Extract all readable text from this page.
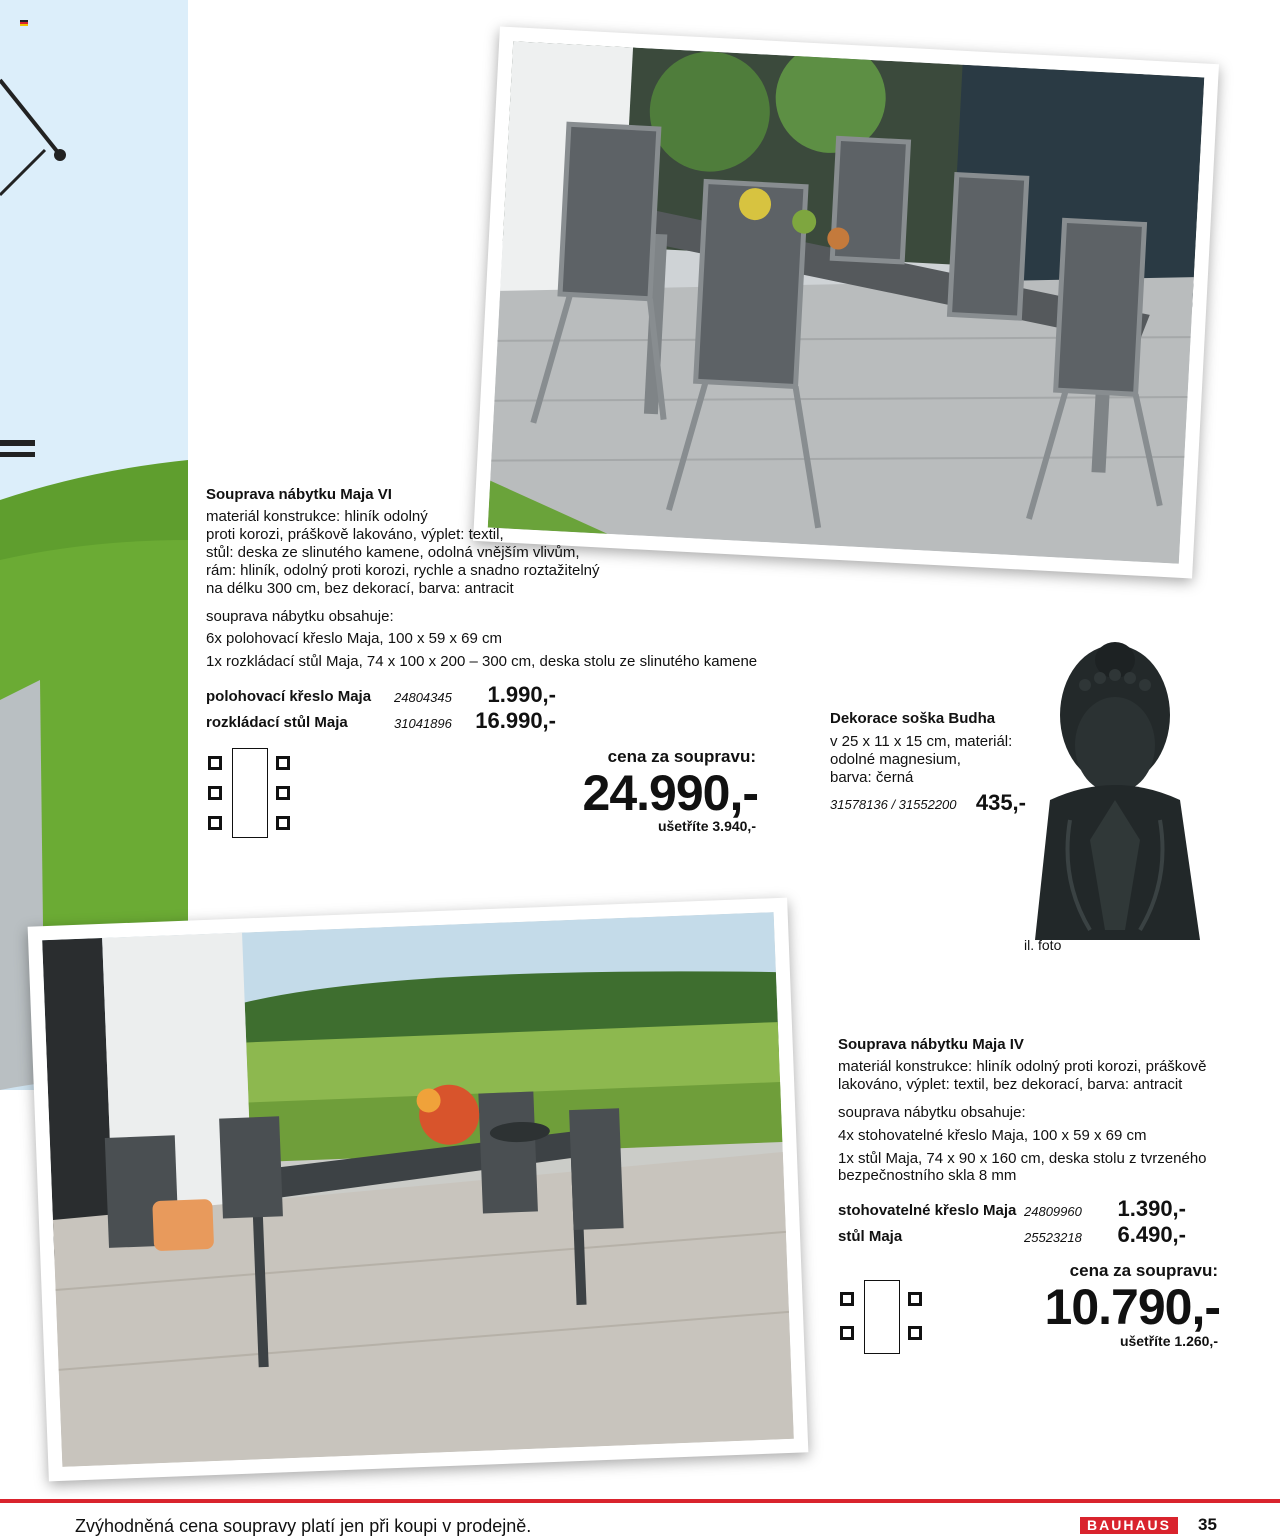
Souprava nábytku Maja VI
materiál konstrukce: hliník odolný
proti korozi, práškově lakováno, výplet: textil,
stůl: deska ze slinutého kamene, odolná vnějším vlivům,
rám: hliník, odolný proti korozi, rychle a snadno roztažitelný
na délku 300 cm, bez dekorací, barva: antracit
souprava nábytku obsahuje:
6x polohovací křeslo Maja, 100 x 59 x 69 cm
1x rozkládací stůl Maja, 74 x 100 x 200 – 300 cm, deska stolu ze slinutého kamene
polohovací křeslo Maja 24804345	1.990,-
rozkládací stůl Maja	31041896	16.990,-
cena za soupravu:
24.990,-
ušetříte 3.940,-
Dekorace soška Budha
v 25 x 11 x 15 cm, materiál:
odolné magnesium,
barva: černá
31578136 / 31552200 435,-
il. foto
Souprava nábytku Maja IV
materiál konstrukce: hliník odolný proti korozi, práškově
lakováno, výplet: textil, bez dekorací, barva: antracit
souprava nábytku obsahuje:
4x stohovatelné křeslo Maja, 100 x 59 x 69 cm
1x stůl Maja, 74 x 90 x 160 cm, deska stolu z tvrzeného
bezpečnostního skla 8 mm
stohovatelné křeslo Maja 24809960	1.390,-
stůl Maja	25523218	6.490,-
cena za soupravu:
10.790,-
ušetříte 1.260,-
Zvýhodněná cena soupravy platí jen při koupi v prodejně.	BAUHAUS	35
